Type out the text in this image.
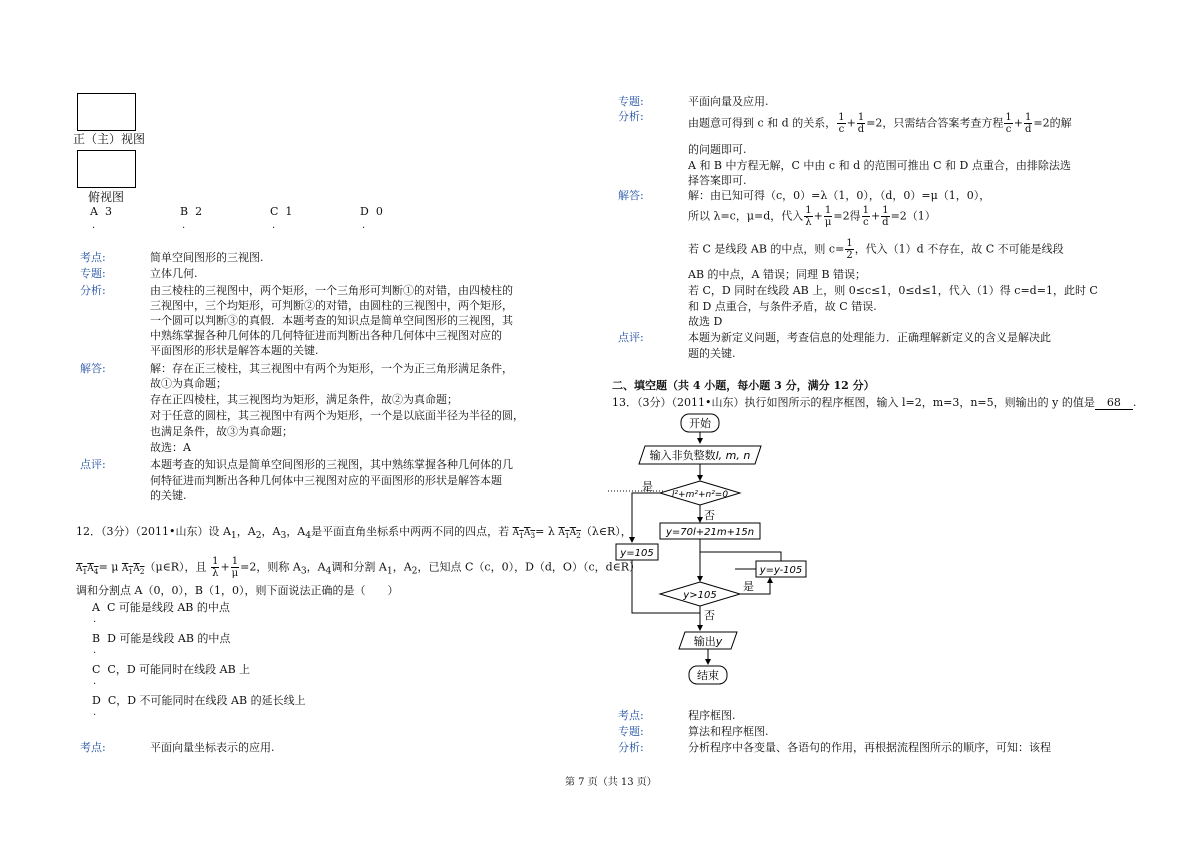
正（主）视图
俯视图
A 3	B 2	C 1	D 0
.	.	.	.
考点:	简单空间图形的三视图.
专题:	立体几何.
分析:	由三棱柱的三视图中，两个矩形，一个三角形可判断①的对错，由四棱柱的
三视图中，三个均矩形，可判断②的对错，由圆柱的三视图中，两个矩形，
一个圆可以判断③的真假．本题考查的知识点是简单空间图形的三视图，其
中熟练掌握各种几何体的几何特征进而判断出各种几何体中三视图对应的
平面图形的形状是解答本题的关键.
解答:	解：存在正三棱柱，其三视图中有两个为矩形，一个为正三角形满足条件，
故①为真命题；
存在正四棱柱，其三视图均为矩形，满足条件，故②为真命题；
对于任意的圆柱，其三视图中有两个为矩形，一个是以底面半径为半径的圆，
也满足条件，故③为真命题；
故选：A
点评:	本题考查的知识点是简单空间图形的三视图，其中熟练掌握各种几何体的几
何特征进而判断出各种几何体中三视图对应的平面图形的形状是解答本题
的关键.
12．（3分）（2011•山东）设 $A_1$，$A_2$，$A_3$，$A_4$是平面直角坐标系中两两不同的四点，若 $A_1A_3= \lambda$ $A_1A_2(\lambda\in R)$，
$A_1A_4= \mu$ $A_1A_2(\mu\in R)$，且 $\frac{1}{\lambda} + \frac{1}{\mu} =2$，则称 $A_3$，$A_4$调和分割 $A_1$，$A_2$，已知点 C（c，0），D（d，O）（c，d∈R）
调和分割点 A（0，0），B（1，0），则下面说法正确的是（　　）
A C 可能是线段 AB 的中点
.
B D 可能是线段 AB 的中点
.
C C，D 可能同时在线段 AB 上
.
D C，D 不可能同时在线段 AB 的延长线上
.
考点:	平面向量坐标表示的应用.
专题:	平面向量及应用.
分析:	由题意可得到 c 和 d 的关系， $\frac{1}{c} + \frac{1}{d} =2$，只需结合答案考查方程 $\frac{1}{c} + \frac{1}{d} =2$的解
的问题即可.
A 和 B 中方程无解，C 中由 c 和 d 的范围可推出 C 和 D 点重合，由排除法选
择答案即可.
解答:	解：由已知可得（c，0）=λ（1，0），（d，0）=μ（1，0），
所以 λ=c，μ=d，代入 $\frac{1}{\lambda} + \frac{1}{\mu} =2$得 $\frac{1}{c} + \frac{1}{d} =2(1)$
若 C 是线段 AB 的中点，则 $c= \frac{1}{2}$ ，代入（1）d 不存在，故 C 不可能是线段
AB 的中点，A 错误；同理 B 错误；
若 C，D 同时在线段 AB 上，则 0≤c≤1，0≤d≤1，代入（1）得 c=d=1，此时 C
和 D 点重合，与条件矛盾，故 C 错误.
故选 D
点评:	本题为新定义问题，考查信息的处理能力．正确理解新定义的含义是解决此
题的关键.
二、填空题（共 4 小题，每小题 3 分，满分 12 分）
13．（3分）（2011•山东）执行如图所示的程序框图，输入 l=2，m=3，n=5，则输出的 y 的值是 68 .
开始
输入非负整数l, m, n
l²+m²+n²=0
是
否
y=70l+21m+15n
y=105
y>105
是
y=y-105
否
输出y
结束
考点:	程序框图.
专题:	算法和程序框图.
分析:	分析程序中各变量、各语句的作用，再根据流程图所示的顺序，可知：该程
第 7 页（共 13 页）
